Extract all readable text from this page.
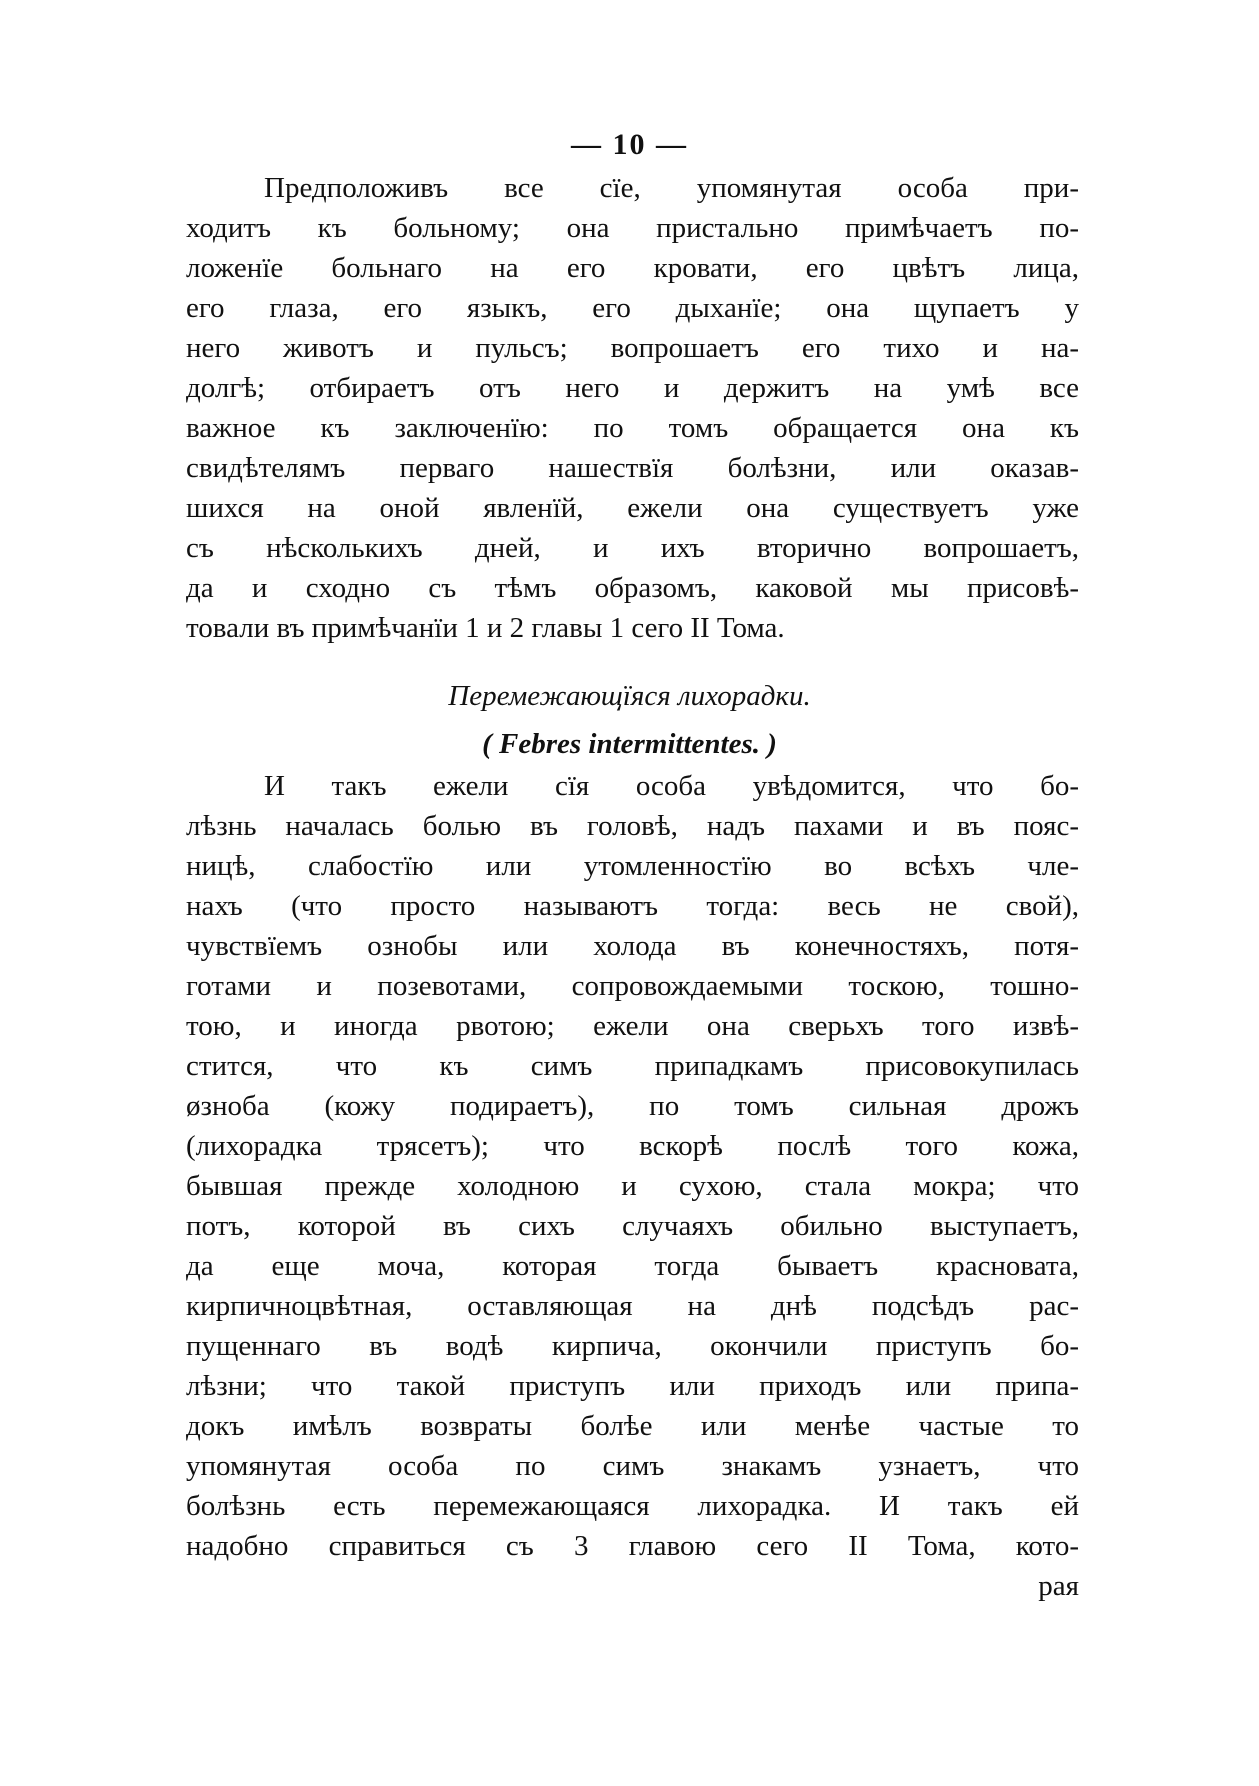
— 10 —
Предположивъ все сїе, упомянутая особа при-
ходитъ къ больному; она пристально примѣчаетъ по-
ложенїе больнаго на его кровати, его цвѣтъ лица,
его глаза, его языкъ, его дыханїе; она щупаетъ у
него животъ и пульсъ; вопрошаетъ его тихо и на-
долгѣ; отбираетъ отъ него и держитъ на умѣ все
важное къ заключенїю: по томъ обращается она къ
свидѣтелямъ перваго нашествїя болѣзни, или оказав-
шихся на оной явленїй, ежели она существуетъ уже
съ нѣсколькихъ дней, и ихъ вторично вопрошаетъ,
да и сходно съ тѣмъ образомъ, каковой мы присовѣ-
товали въ примѣчанїи 1 и 2 главы 1 сего II Тома.
Перемежающїяся лихорадки.
( Febres intermittentes. )
И такъ ежели сїя особа увѣдомится, что бо-
лѣзнь началась болью въ головѣ, надъ пахами и въ пояс-
ницѣ, слабостїю или утомленностїю во всѣхъ чле-
нахъ (что просто называютъ тогда: весь не свой),
чувствїемъ ознобы или холода въ конечностяхъ, потя-
готами и позевотами, сопровождаемыми тоскою, тошно-
тою, и иногда рвотою; ежели она сверьхъ того извѣ-
стится, что къ симъ припадкамъ присовокупилась
øзноба (кожу подираетъ), по томъ сильная дрожъ
(лихорадка трясетъ); что вскорѣ послѣ того кожа,
бывшая прежде холодною и сухою, стала мокра; что
потъ, которой въ сихъ случаяхъ обильно выступаетъ,
да еще моча, которая тогда бываетъ красновата,
кирпичноцвѣтная, оставляющая на днѣ подсѣдъ рас-
пущеннаго въ водѣ кирпича, окончили приступъ бо-
лѣзни; что такой приступъ или приходъ или припа-
докъ имѣлъ возвраты болѣе или менѣе частые то
упомянутая особа по симъ знакамъ узнаетъ, что
болѣзнь есть перемежающаяся лихорадка. И такъ ей
надобно справиться съ 3 главою сего II Тома, кото-
рая
